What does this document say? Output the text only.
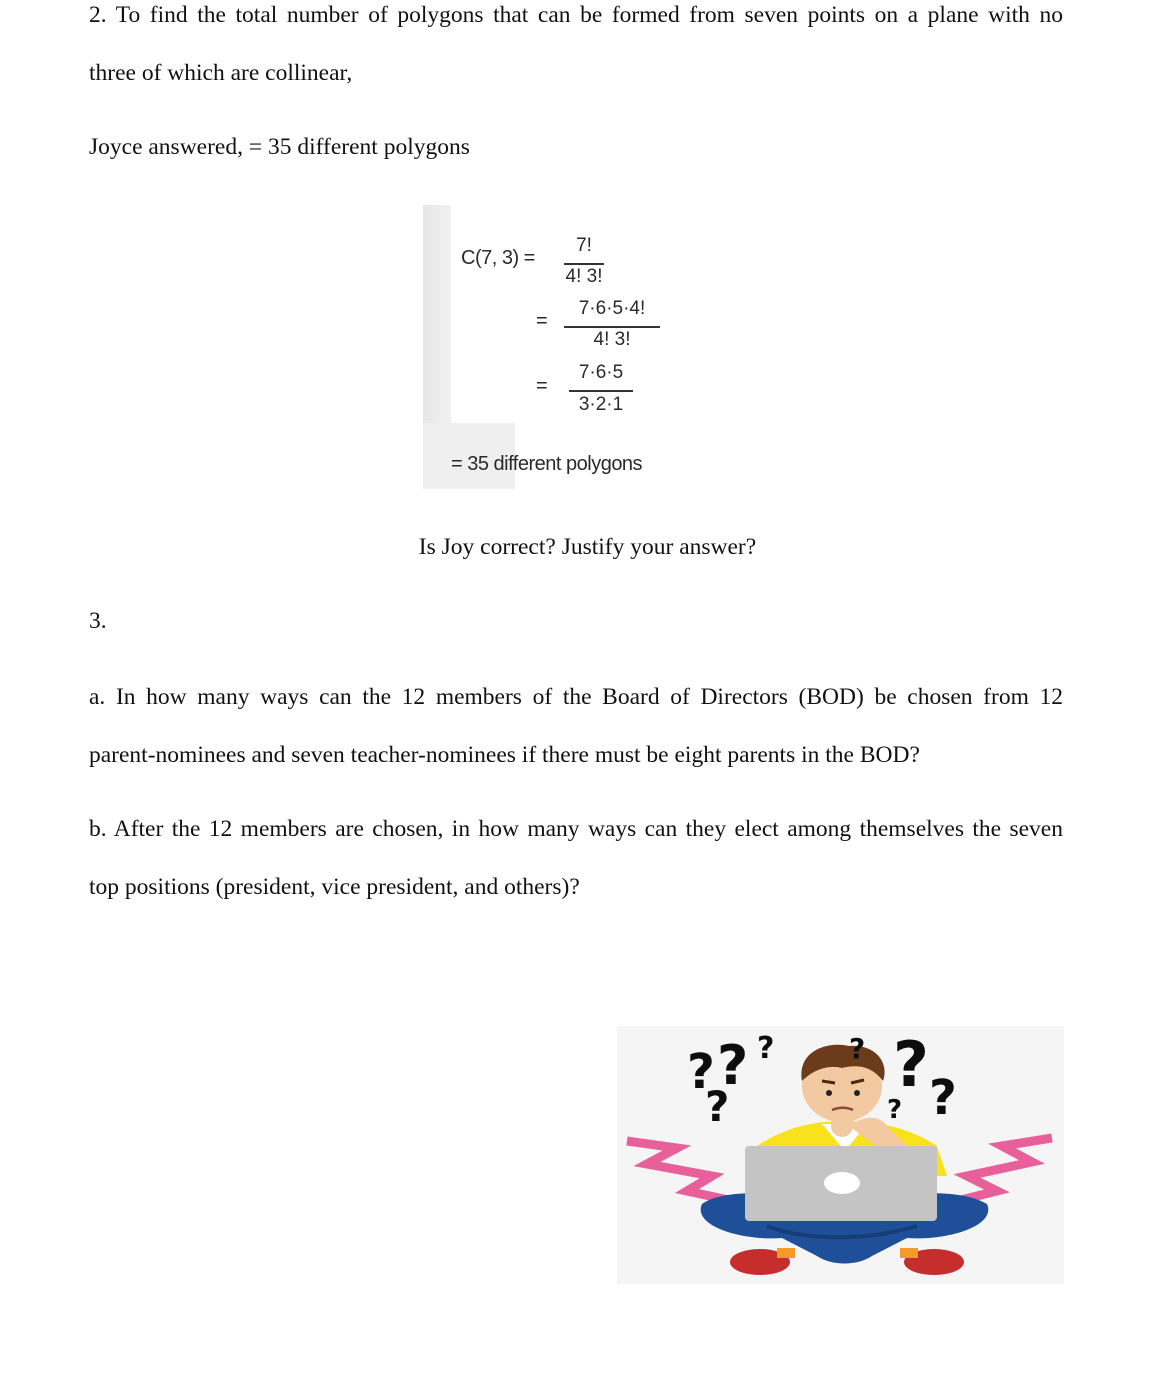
2. To find the total number of polygons that can be formed from seven points on a plane with no
three of which are collinear,
Joyce answered, = 35 different polygons
C(7, 3) =
7!
4! 3!
=
7·6·5·4!
4! 3!
=
7·6·5
3·2·1
= 35 different polygons
Is Joy correct? Justify your answer?
3.
a. In how many ways can the 12 members of the Board of Directors (BOD) be chosen from 12
parent-nominees and seven teacher-nominees if there must be eight parents in the BOD?
b. After the 12 members are chosen, in how many ways can they elect among themselves the seven
top positions (president, vice president, and others)?
? ? ?
?
? ? ?
?
